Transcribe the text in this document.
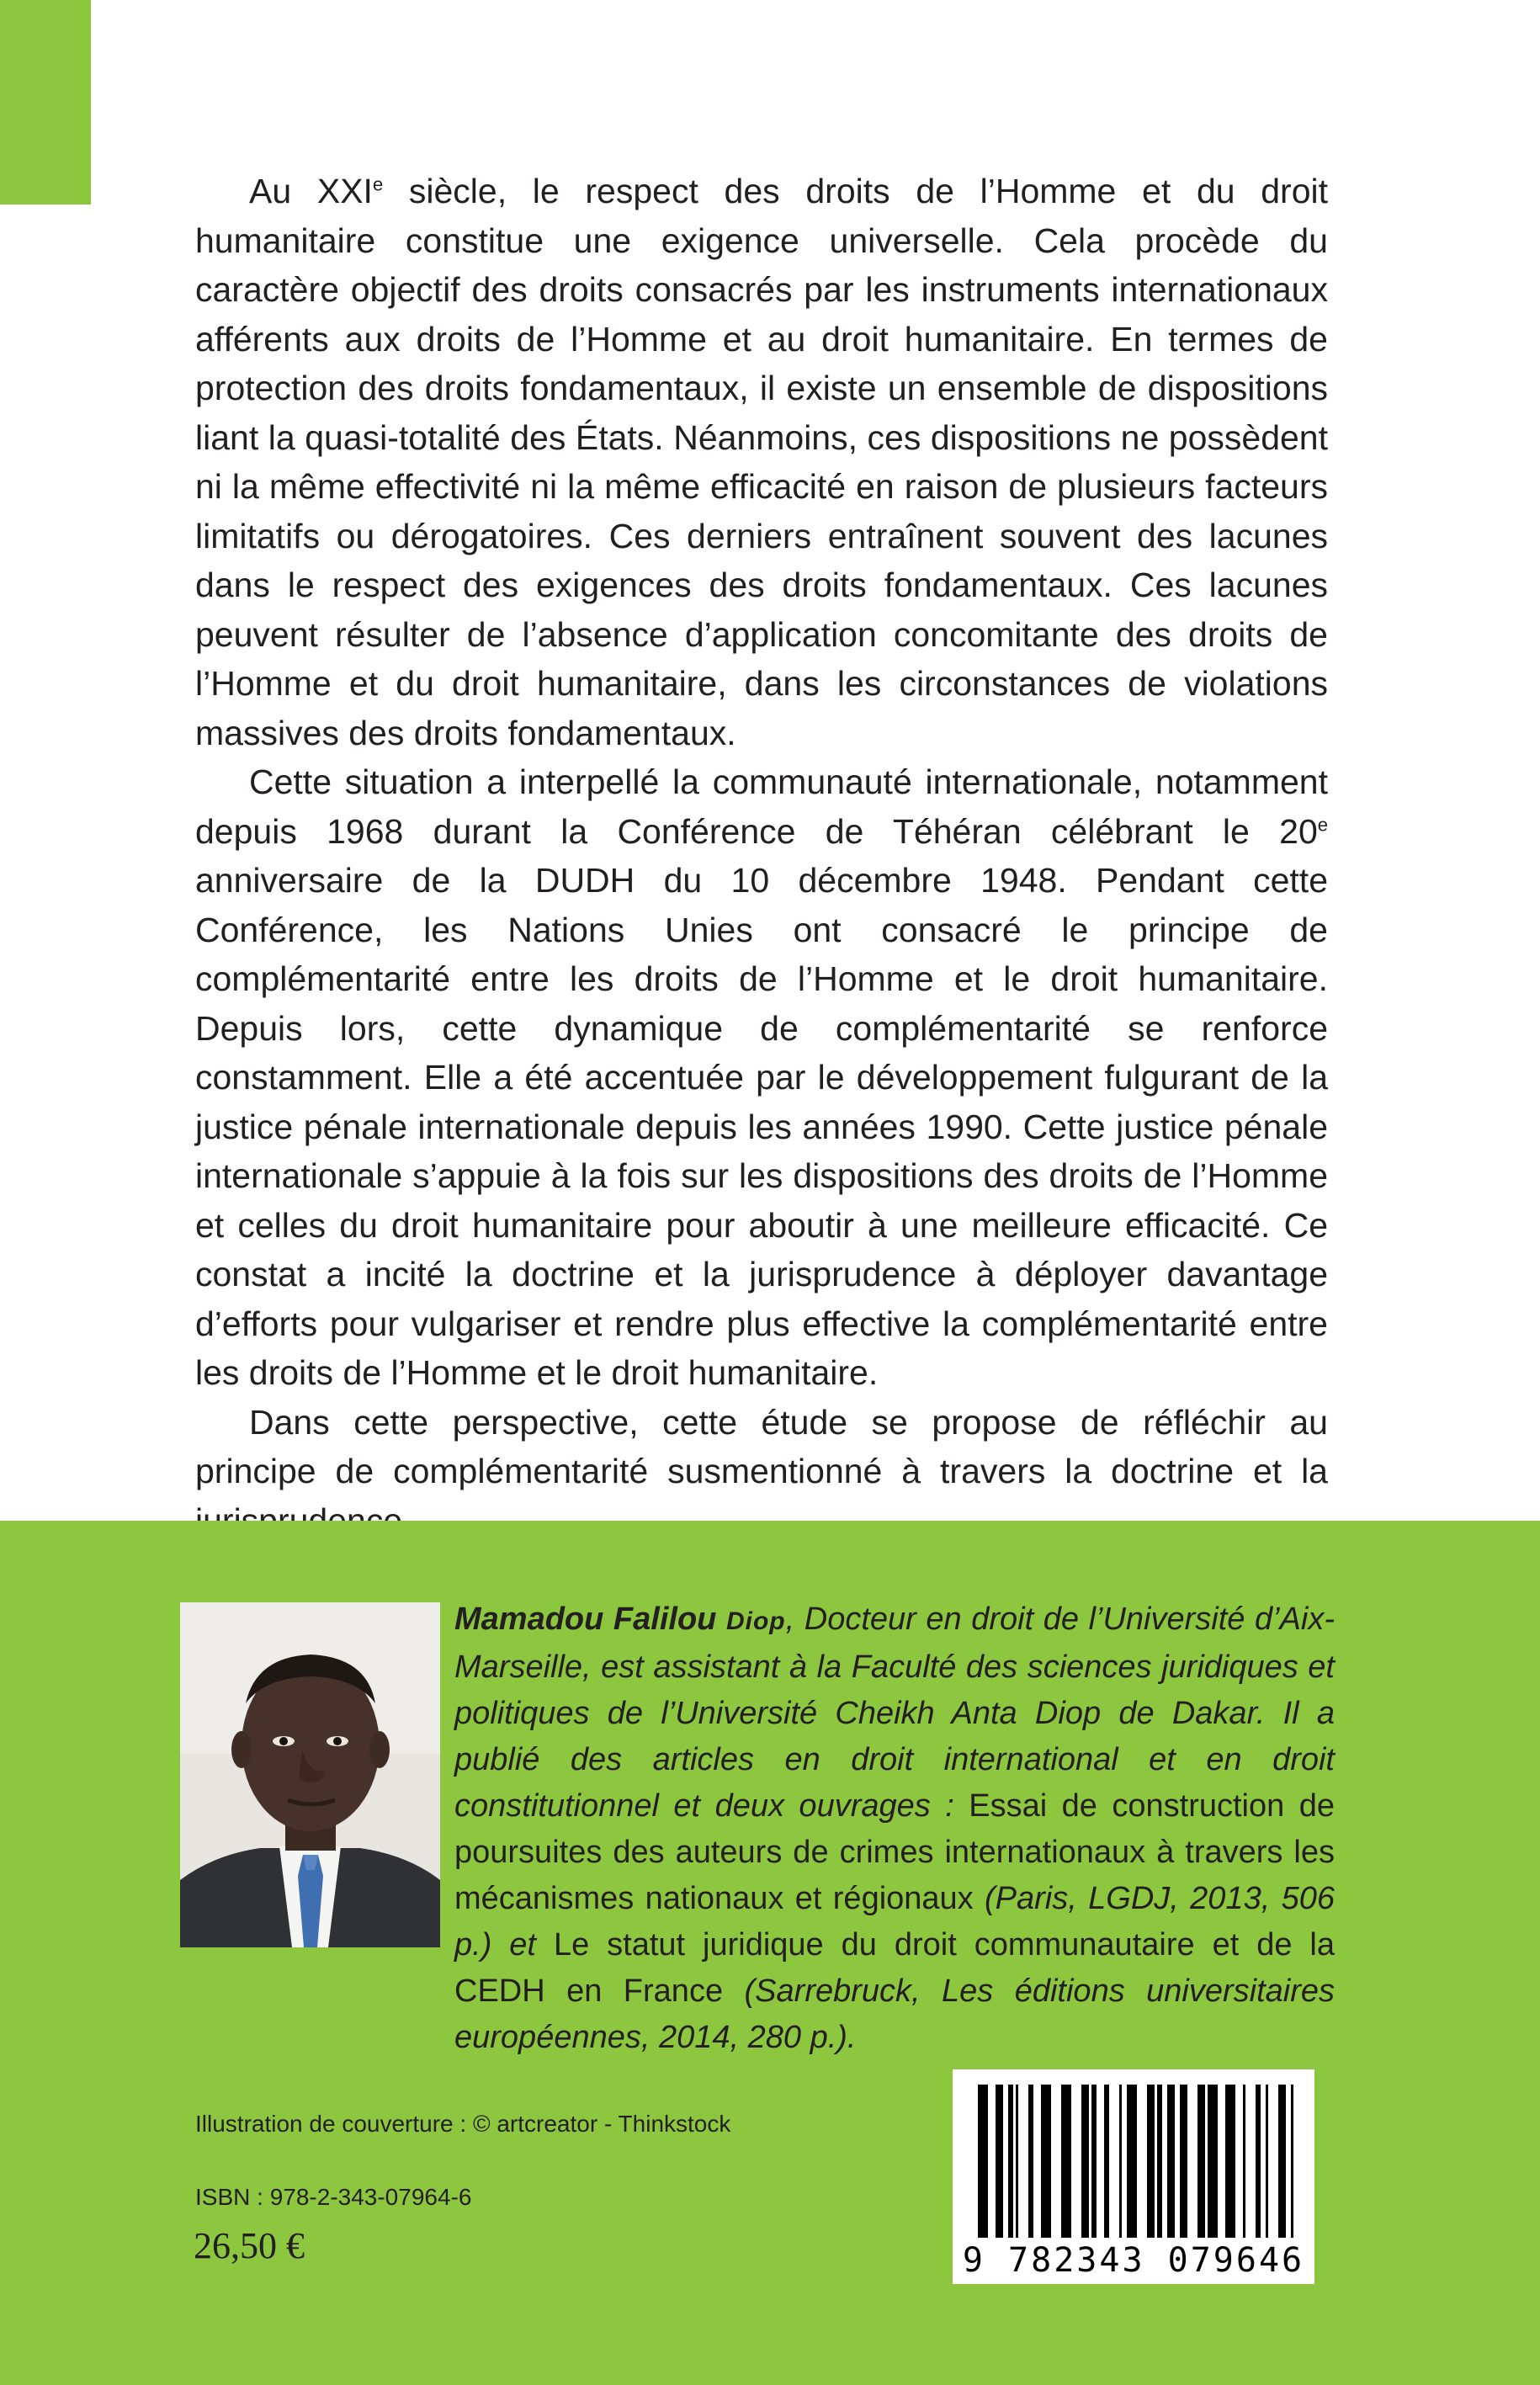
Au XXIe siècle, le respect des droits de l’Homme et du droit humanitaire constitue une exigence universelle. Cela procède du caractère objectif des droits consacrés par les instruments internationaux afférents aux droits de l’Homme et au droit humanitaire. En termes de protection des droits fondamentaux, il existe un ensemble de dispositions liant la quasi-totalité des États. Néanmoins, ces dispositions ne possèdent ni la même effectivité ni la même efficacité en raison de plusieurs facteurs limitatifs ou dérogatoires. Ces derniers entraînent souvent des lacunes dans le respect des exigences des droits fondamentaux. Ces lacunes peuvent résulter de l’absence d’application concomitante des droits de l’Homme et du droit humanitaire, dans les circonstances de violations massives des droits fondamentaux.

Cette situation a interpellé la communauté internationale, notamment depuis 1968 durant la Conférence de Téhéran célébrant le 20e anniversaire de la DUDH du 10 décembre 1948. Pendant cette Conférence, les Nations Unies ont consacré le principe de complémentarité entre les droits de l’Homme et le droit humanitaire. Depuis lors, cette dynamique de complémentarité se renforce constamment. Elle a été accentuée par le développement fulgurant de la justice pénale internationale depuis les années 1990. Cette justice pénale internationale s’appuie à la fois sur les dispositions des droits de l’Homme et celles du droit humanitaire pour aboutir à une meilleure efficacité. Ce constat a incité la doctrine et la jurisprudence à déployer davantage d’efforts pour vulgariser et rendre plus effective la complémentarité entre les droits de l’Homme et le droit humanitaire.

Dans cette perspective, cette étude se propose de réfléchir au principe de complémentarité susmentionné à travers la doctrine et la

Mamadou Falilou Diop, Docteur en droit de l’Université d’Aix-Marseille, est assistant à la Faculté des sciences juridiques et politiques de l’Université Cheikh Anta Diop de Dakar. Il a publié des articles en droit international et en droit constitutionnel et deux ouvrages : Essai de construction de poursuites des auteurs de crimes internationaux à travers les mécanismes nationaux et régionaux (Paris, LGDJ, 2013, 506 p.) et Le statut juridique du droit communautaire et de la CEDH en France (Sarrebruck, Les éditions universitaires européennes, 2014, 280 p.).
Illustration de couverture : © artcreator - Thinkstock
ISBN : 978-2-343-07964-6
26,50 €	9 782343 079646
